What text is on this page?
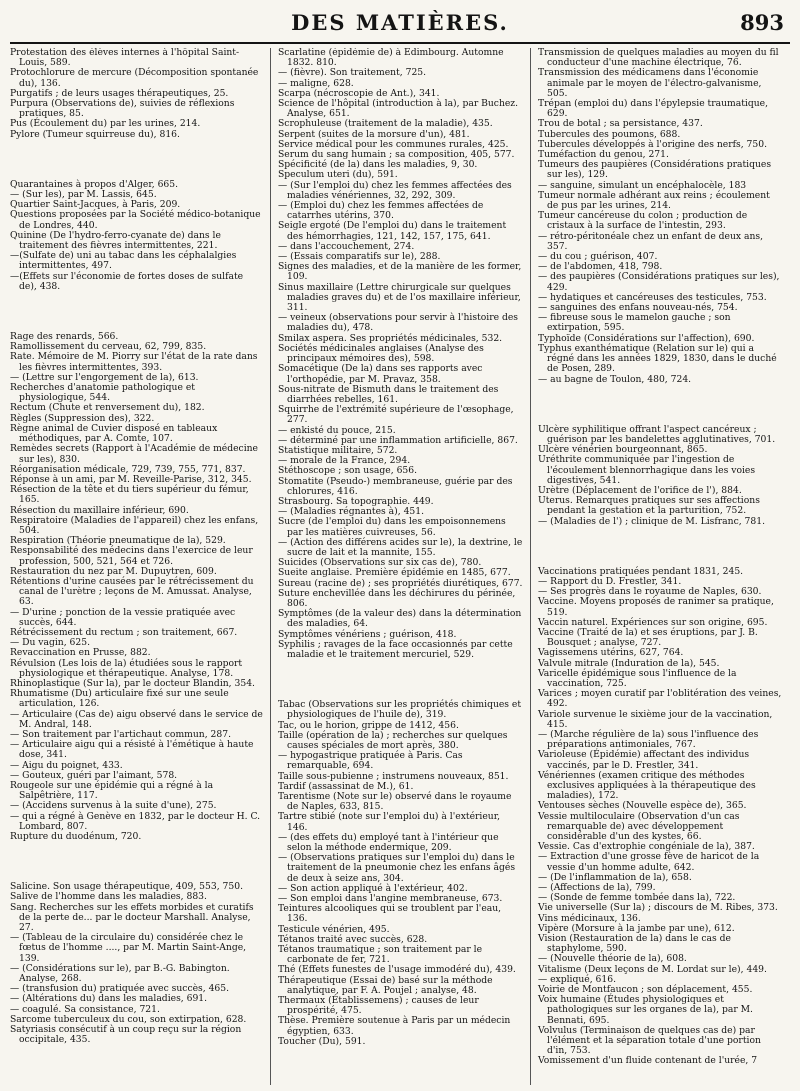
DES MATIÈRES.	893

Protestation des élèves internes à l'hôpital Saint-Louis, 589.

Protochlorure de mercure (Décomposition spontanée du), 136.

Purgatifs ; de leurs usages thérapeutiques, 25.

Purpura (Observations de), suivies de réflexions pratiques, 85.

Pus (Écoulement du) par les urines, 214.

Pylore (Tumeur squirreuse du), 816.

Quarantaines à propos d'Alger, 665.

— (Sur les), par M. Lassis, 645.

Quartier Saint-Jacques, à Paris, 209.

Questions proposées par la Société médico-botanique de Londres, 440.

Quinine (De l'hydro-ferro-cyanate de) dans le traitement des fièvres intermittentes, 221.

—(Sulfate de) uni au tabac dans les céphalalgies intermittentes, 497.

—(Effets sur l'économie de fortes doses de sulfate de), 438.

Rage des renards, 566.

Ramollissement du cerveau, 62, 799, 835.

Rate. Mémoire de M. Piorry sur l'état de la rate dans les fièvres intermittentes, 393.

— (Lettre sur l'engorgement de la), 613.

Recherches d'anatomie pathologique et physiologique, 544.

Rectum (Chute et renversement du), 182.

Règles (Suppression des), 322.

Règne animal de Cuvier disposé en tableaux méthodiques, par A. Comte, 107.

Remèdes secrets (Rapport à l'Académie de médecine sur les), 830.

Réorganisation médicale, 729, 739, 755, 771, 837.

Réponse à un ami, par M. Reveille-Parise, 312, 345.

Résection de la tête et du tiers supérieur du fémur, 165.

Résection du maxillaire inférieur, 690.

Respiratoire (Maladies de l'appareil) chez les enfans, 504.

Respiration (Théorie pneumatique de la), 529.

Responsabilité des médecins dans l'exercice de leur profession, 500, 521, 564 et 726.

Restauration du nez par M. Dupuytren, 609.

Rétentions d'urine causées par le rétrécissement du canal de l'urètre ; leçons de M. Amussat. Analyse, 63.

— D'urine ; ponction de la vessie pratiquée avec succès, 644.

Rétrécissement du rectum ; son traitement, 667.

— Du vagin, 625.

Revaccination en Prusse, 882.

Révulsion (Les lois de la) étudiées sous le rapport physiologique et thérapeutique. Analyse, 178.

Rhinoplastique (Sur la), par le docteur Blandin, 354.

Rhumatisme (Du) articulaire fixé sur une seule articulation, 126.

— Articulaire (Cas de) aigu observé dans le service de M. Andral, 148.

— Son traitement par l'artichaut commun, 287.

— Articulaire aigu qui a résisté à l'émétique à haute dose, 341.

— Aigu du poignet, 433.

— Gouteux, guéri par l'aimant, 578.

Rougeole sur une épidémie qui a régné à la Salpêtrière, 117.

— (Accidens survenus à la suite d'une), 275.

— qui a régné à Genève en 1832, par le docteur H. C. Lombard, 807.

Rupture du duodénum, 720.

Salicine. Son usage thérapeutique, 409, 553, 750.

Salive de l'homme dans les maladies, 883.

Sang. Recherches sur les effets morbides et curatifs de la perte de... par le docteur Marshall. Analyse, 27.

— (Tableau de la circulaire du) considérée chez le fœtus de l'homme ...., par M. Martin Saint-Ange, 139.

— (Considérations sur le), par B.-G. Babington. Analyse, 268.

— (transfusion du) pratiquée avec succès, 465.

— (Altérations du) dans les maladies, 691.

— coagulé. Sa consistance, 721.

Sarcome tuberculeux du cou, son extirpation, 628.

Satyriasis consécutif à un coup reçu sur la région occipitale, 435.

Scarlatine (épidémie de) à Édimbourg. Automne 1832. 810.

— (fièvre). Son traitement, 725.

— maligne, 628.

Scarpa (nécroscopie de Ant.), 341.

Science de l'hôpital (introduction à la), par Buchez. Analyse, 651.

Scrophuleuse (traitement de la maladie), 435.

Serpent (suites de la morsure d'un), 481.

Service médical pour les communes rurales, 425.

Serum du sang humain ; sa composition, 405, 577.

Spécificité (de la) dans les maladies, 9, 30.

Speculum uteri (du), 591.

— (Sur l'emploi du) chez les femmes affectées des maladies vénériennes, 32, 292, 309.

— (Emploi du) chez les femmes affectées de catarrhes utérins, 370.

Seigle ergoté (De l'emploi du) dans le traitement des hémorrhagies, 121, 142, 157, 175, 641.

— dans l'accouchement, 274.

— (Essais comparatifs sur le), 288.

Signes des maladies, et de la manière de les former, 109.

Sinus maxillaire (Lettre chirurgicale sur quelques maladies graves du) et de l'os maxillaire inférieur, 311.

— veineux (observations pour servir à l'histoire des maladies du), 478.

Smilax aspera. Ses propriétés médicinales, 532.

Sociétés médicinales anglaises (Analyse des principaux mémoires des), 598.

Somacétique (De la) dans ses rapports avec l'orthopédie, par M. Pravaz, 358.

Sous-nitrate de Bismuth dans le traitement des diarrhées rebelles, 161.

Squirrhe de l'extrémité supérieure de l'œsophage, 277.

— enkisté du pouce, 215.

— déterminé par une inflammation artificielle, 867.

Statistique militaire, 572.

— morale de la France, 294.

Stéthoscope ; son usage, 656.

Stomatite (Pseudo-) membraneuse, guérie par des chlorures, 416.

Strasbourg. Sa topographie. 449.

— (Maladies régnantes à), 451.

Sucre (de l'emploi du) dans les empoisonnemens par les matières cuivreuses, 56.

— (Action des différens acides sur le), la dextrine, le sucre de lait et la mannite, 155.

Suicides (Observations sur six cas de), 780.

Sueite anglaise. Première épidémie en 1485, 677.

Sureau (racine de) ; ses propriétés diurétiques, 677.

Suture enchevillée dans les déchirures du périnée, 806.

Symptômes (de la valeur des) dans la détermination des maladies, 64.

Symptômes vénériens ; guérison, 418.

Syphilis ; ravages de la face occasionnés par cette maladie et le traitement mercuriel, 529.

Tabac (Observations sur les propriétés chimiques et physiologiques de l'huile de), 319.

Tac, ou le horion, grippe de 1412, 456.

Taille (opération de la) ; recherches sur quelques causes spéciales de mort après, 380.

— hypogastrique pratiquée à Paris. Cas remarquable, 694.

Taille sous-pubienne ; instrumens nouveaux, 851.

Tardif (assassinat de M.), 61.

Tarentisme (Note sur le) observé dans le royaume de Naples, 633, 815.

Tartre stibié (note sur l'emploi du) à l'extérieur, 146.

— (des effets du) employé tant à l'intérieur que selon la méthode endermique, 209.

— (Observations pratiques sur l'emploi du) dans le traitement de la pneumonie chez les enfans âgés de deux à seize ans, 304.

— Son action appliqué à l'extérieur, 402.

— Son emploi dans l'angine membraneuse, 673.

Teintures alcooliques qui se troublent par l'eau, 136.

Testicule vénérien, 495.

Tétanos traité avec succès, 628.

Tétanos traumatique ; son traitement par le carbonate de fer, 721.

Thé (Effets funestes de l'usage immodéré du), 439.

Thérapeutique (Essai de) basé sur la méthode analytique, par F. A. Poujel ; analyse, 48.

Thermaux (Établissemens) ; causes de leur prospérité, 475.

Thèse. Première soutenue à Paris par un médecin égyptien, 633.

Toucher (Du), 591.

Transmission de quelques maladies au moyen du fil conducteur d'une machine électrique, 76.

Transmission des médicamens dans l'économie animale par le moyen de l'électro-galvanisme, 505.

Trépan (emploi du) dans l'épylepsie traumatique, 629.

Trou de botal ; sa persistance, 437.

Tubercules des poumons, 688.

Tubercules développés à l'origine des nerfs, 750.

Tuméfaction du genou, 271.

Tumeurs des paupières (Considérations pratiques sur les), 129.

— sanguine, simulant un encéphalocèle, 183

Tumeur normale adhérant aux reins ; écoulement de pus par les urines, 214.

Tumeur cancéreuse du colon ; production de cristaux à la surface de l'intestin, 293.

— rétro-péritonéale chez un enfant de deux ans, 357.

— du cou ; guérison, 407.

— de l'abdomen, 418, 798.

— des paupières (Considérations pratiques sur les), 429.

— hydatiques et cancéreuses des testicules, 753.

— sanguines des enfans nouveau-nés, 754.

— fibreuse sous le mamelon gauche ; son extirpation, 595.

Typhoïde (Considérations sur l'affection), 690.

Typhus exanthématique (Relation sur le) qui a régné dans les années 1829, 1830, dans le duché de Posen, 289.

— au bagne de Toulon, 480, 724.

Ulcère syphilitique offrant l'aspect cancéreux ; guérison par les bandelettes agglutinatives, 701.

Ulcère vénérien bourgeonnant, 865.

Uréthrite communiquée par l'ingestion de l'écoulement blennorrhagique dans les voies digestives, 541.

Urètre (Déplacement de l'orifice de l'), 884.

Uterus. Remarques pratiques sur ses affections pendant la gestation et la parturition, 752.

— (Maladies de l') ; clinique de M. Lisfranc, 781.

Vaccinations pratiquées pendant 1831, 245.

— Rapport du D. Frestler, 341.

— Ses progrès dans le royaume de Naples, 630.

Vaccine. Moyens proposés de ranimer sa pratique, 519.

Vaccin naturel. Expériences sur son origine, 695.

Vaccine (Traité de la) et ses éruptions, par J. B. Bousquet ; analyse, 727.

Vagissemens utérins, 627, 764.

Valvule mitrale (Induration de la), 545.

Varicelle épidémique sous l'influence de la vaccination, 725.

Varices ; moyen curatif par l'oblitération des veines, 492.

Variole survenue le sixième jour de la vaccination, 415.

— (Marche régulière de la) sous l'influence des préparations antimoniales, 767.

Varioleuse (Épidémie) affectant des individus vaccinés, par le D. Frestler, 341.

Vénériennes (examen critique des méthodes exclusives appliquées à la thérapeutique des maladies), 172.

Ventouses sèches (Nouvelle espèce de), 365.

Vessie multiloculaire (Observation d'un cas remarquable de) avec développement considérable d'un des kystes, 66.

Vessie. Cas d'extrophie congéniale de la), 387.

— Extraction d'une grosse fève de haricot de la vessie d'un homme adulte, 642.

— (De l'inflammation de la), 658.

— (Affections de la), 799.

— (Sonde de femme tombée dans la), 722.

Vie universelle (Sur la) ; discours de M. Ribes, 373.

Vins médicinaux, 136.

Vipère (Morsure à la jambe par une), 612.

Vision (Restauration de la) dans le cas de staphylome, 590.

— (Nouvelle théorie de la), 608.

Vitalisme (Deux leçons de M. Lordat sur le), 449.

— expliqué, 616.

Voirie de Montfaucon ; son déplacement, 455.

Voix humaine (Études physiologiques et pathologiques sur les organes de la), par M. Bennati, 695.

Volvulus (Terminaison de quelques cas de) par l'élément et la séparation totale d'une portion d'in, 753.

Vomissement d'un fluide contenant de l'urée, 7
